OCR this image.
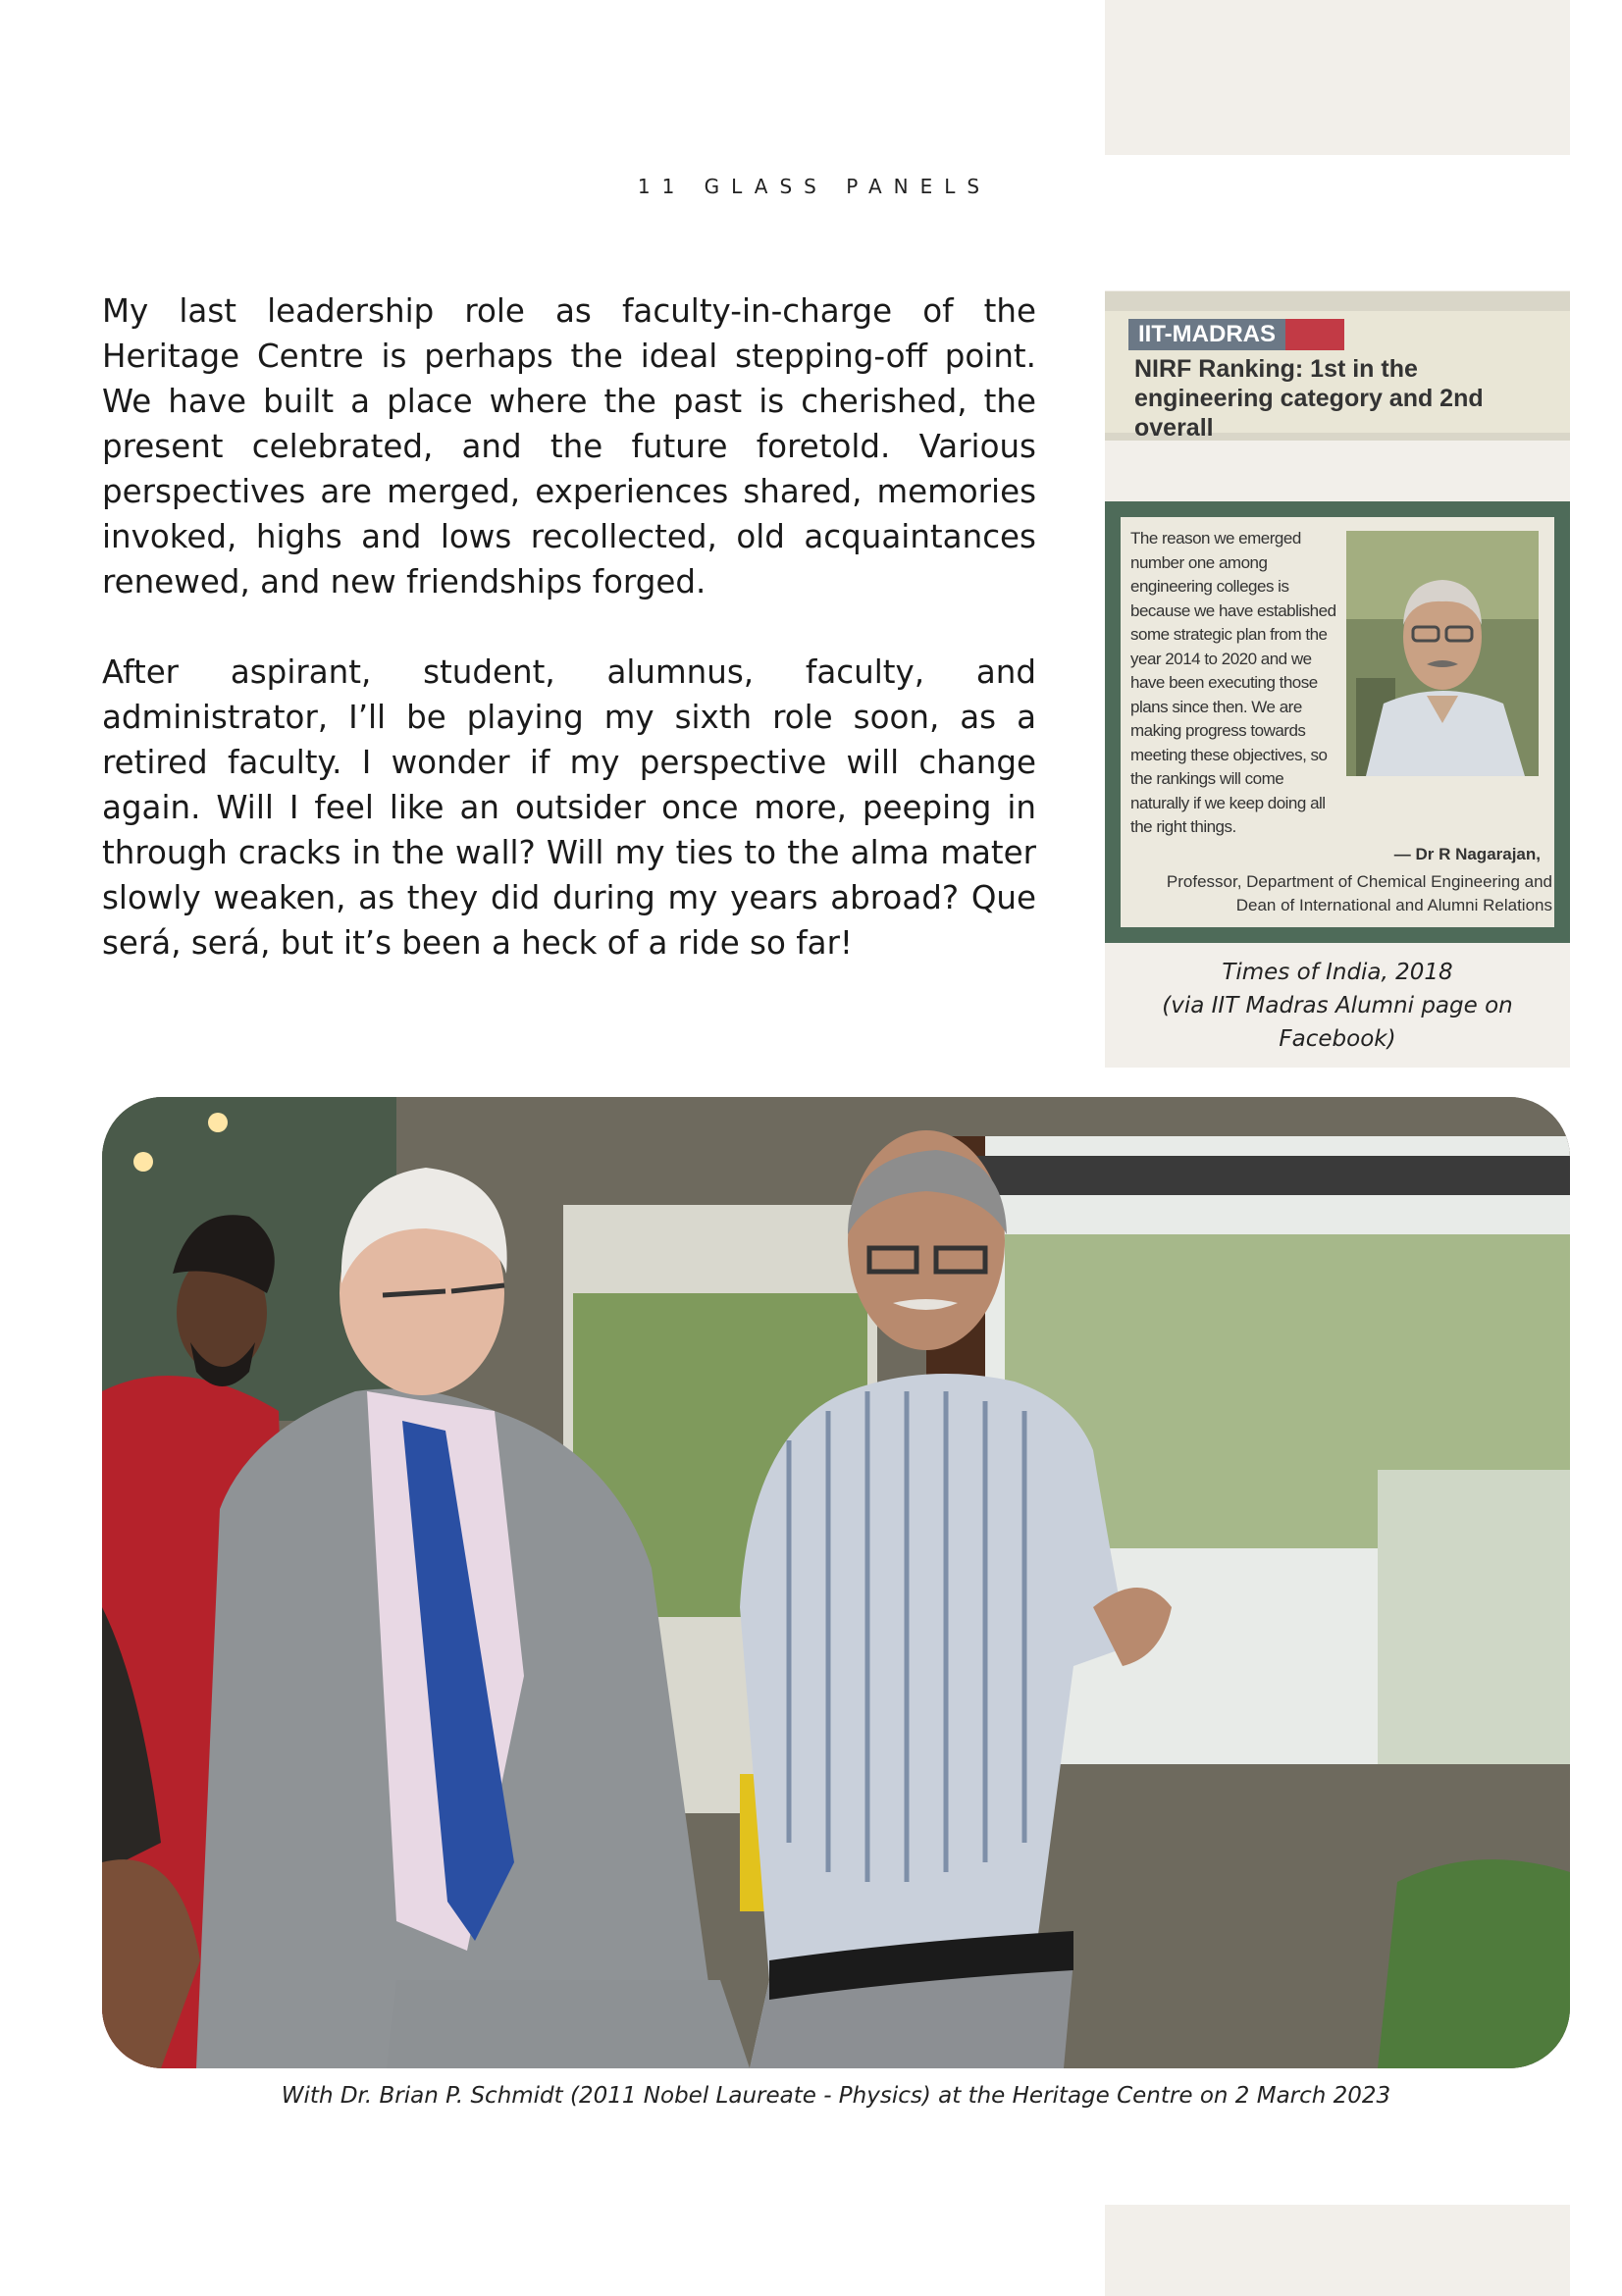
11 GLASS PANELS

My last leadership role as faculty-in-charge of the Heritage Centre is perhaps the ideal stepping-off point. We have built a place where the past is cherished, the present celebrated, and the future foretold. Various perspectives are merged, experiences shared, memories invoked, highs and lows recollected, old acquaintances renewed, and new friendships forged.

After aspirant, student, alumnus, faculty, and administrator, I’ll be playing my sixth role soon, as a retired faculty. I wonder if my perspective will change again. Will I feel like an outsider once more, peeping in through cracks in the wall? Will my ties to the alma mater slowly weaken, as they did during my years abroad? Que será, será, but it’s been a heck of a ride so far!

IIT-MADRAS
NIRF Ranking: 1st in the engineering category and 2nd overall
The reason we emerged number one among engineering colleges is because we have established some strategic plan from the year 2014 to 2020 and we have been executing those plans since then. We are making progress towards meeting these objectives, so the rankings will come naturally if we keep doing all the right things.
— Dr R Nagarajan,
Professor, Department of Chemical Engineering and Dean of International and Alumni Relations
Times of India, 2018
(via IIT Madras Alumni page on Facebook)
With Dr. Brian P. Schmidt (2011 Nobel Laureate - Physics) at the Heritage Centre on 2 March 2023
